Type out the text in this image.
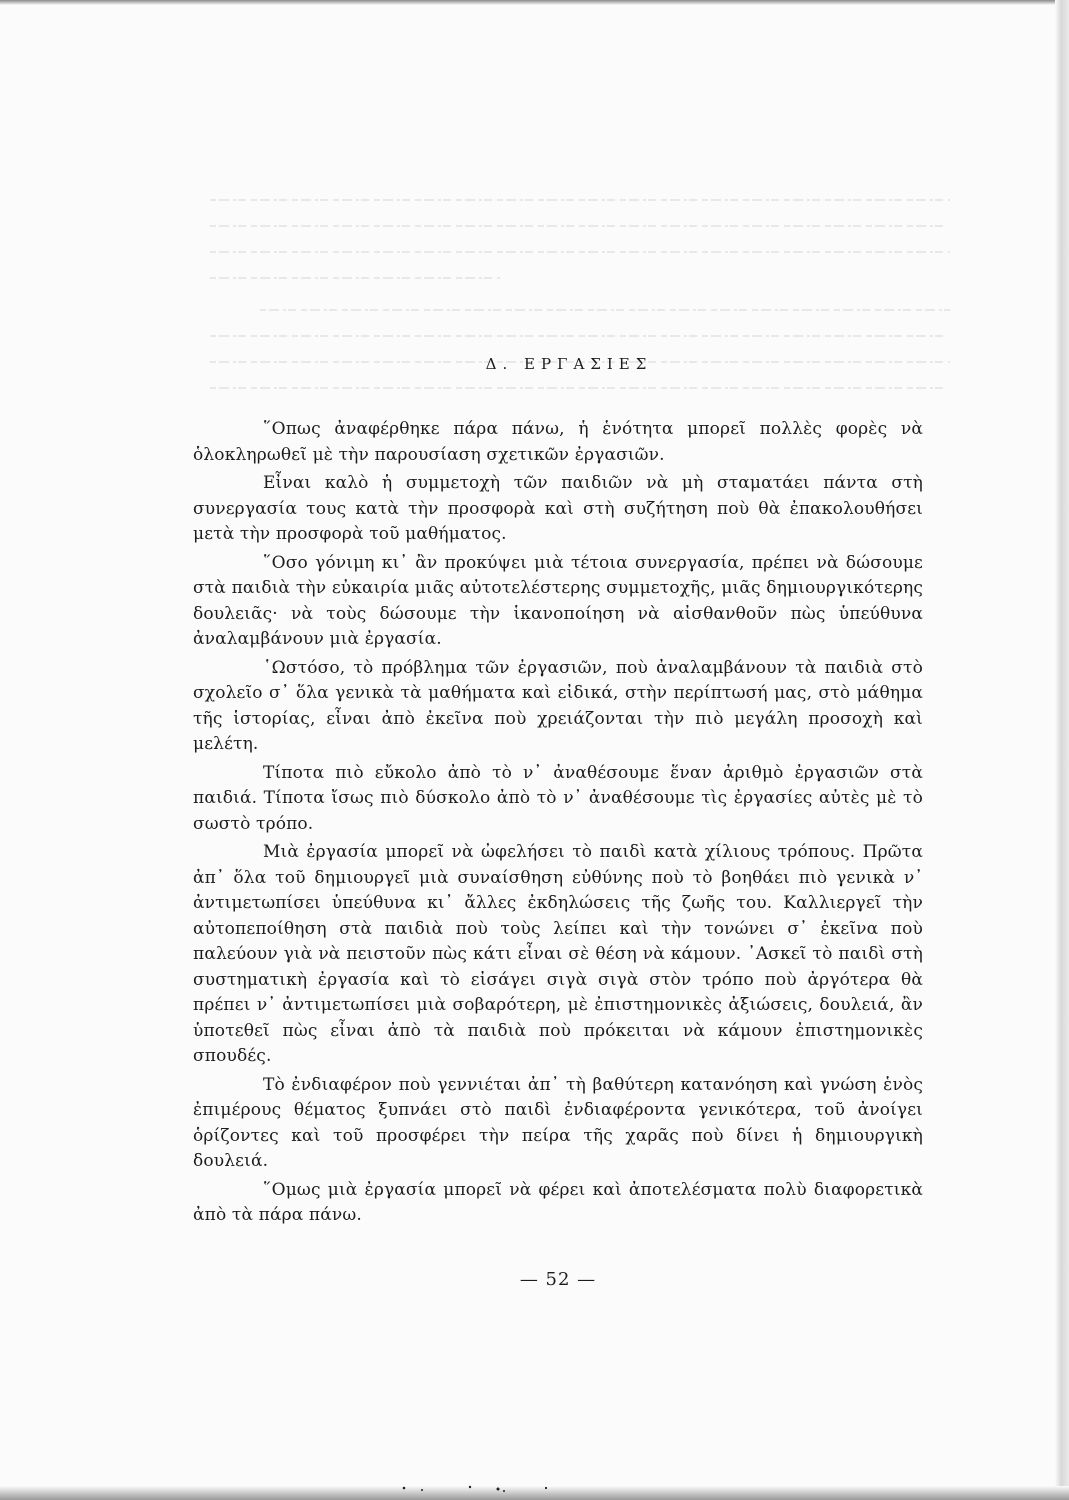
Δ. ΕΡΓΑΣΙΕΣ

῞Οπως ἀναφέρθηκε πάρα πάνω, ἡ ἑνότητα μπορεῖ πολλὲς φορὲς νὰ ὁλοκληρωθεῖ μὲ τὴν παρουσίαση σχετικῶν ἐργασιῶν.

Εἶναι καλὸ ἡ συμμετοχὴ τῶν παιδιῶν νὰ μὴ σταματάει πάντα στὴ συνεργασία τους κατὰ τὴν προσφορὰ καὶ στὴ συζήτηση ποὺ θὰ ἐπακολουθήσει μετὰ τὴν προσφορὰ τοῦ μαθήματος.

῞Οσο γόνιμη κι᾿ ἂν προκύψει μιὰ τέτοια συνεργασία, πρέπει νὰ δώσουμε στὰ παιδιὰ τὴν εὐκαιρία μιᾶς αὐτοτελέστερης συμμετοχῆς, μιᾶς δημιουργικότερης δουλειᾶς· νὰ τοὺς δώσουμε τὴν ἱκανοποίηση νὰ αἰσθανθοῦν πὼς ὑπεύθυνα ἀναλαμβάνουν μιὰ ἐργασία.

῾Ωστόσο, τὸ πρόβλημα τῶν ἐργασιῶν, ποὺ ἀναλαμβάνουν τὰ παιδιὰ στὸ σχολεῖο σ᾿ ὅλα γενικὰ τὰ μαθήματα καὶ εἰδικά, στὴν περίπτωσή μας, στὸ μάθημα τῆς ἱστορίας, εἶναι ἀπὸ ἐκεῖνα ποὺ χρειάζονται τὴν πιὸ μεγάλη προσοχὴ καὶ μελέτη.

Τίποτα πιὸ εὔκολο ἀπὸ τὸ ν᾿ ἀναθέσουμε ἕναν ἀριθμὸ ἐργασιῶν στὰ παιδιά. Τίποτα ἴσως πιὸ δύσκολο ἀπὸ τὸ ν᾿ ἀναθέσουμε τὶς ἐργασίες αὐτὲς μὲ τὸ σωστὸ τρόπο.

Μιὰ ἐργασία μπορεῖ νὰ ὠφελήσει τὸ παιδὶ κατὰ χίλιους τρόπους. Πρῶτα ἀπ᾿ ὅλα τοῦ δημιουργεῖ μιὰ συναίσθηση εὐθύνης ποὺ τὸ βοηθάει πιὸ γενικὰ ν᾿ ἀντιμετωπίσει ὑπεύθυνα κι᾿ ἄλλες ἐκδηλώσεις τῆς ζωῆς του. Καλλιεργεῖ τὴν αὐτοπεποίθηση στὰ παιδιὰ ποὺ τοὺς λείπει καὶ τὴν τονώνει σ᾿ ἐκεῖνα ποὺ παλεύουν γιὰ νὰ πειστοῦν πὼς κάτι εἶναι σὲ θέση νὰ κάμουν. ᾿Ασκεῖ τὸ παιδὶ στὴ συστηματικὴ ἐργασία καὶ τὸ εἰσάγει σιγὰ σιγὰ στὸν τρόπο ποὺ ἀργότερα θὰ πρέπει ν᾿ ἀντιμετωπίσει μιὰ σοβαρότερη, μὲ ἐπιστημονικὲς ἀξιώσεις, δουλειά, ἂν ὑποτεθεῖ πὼς εἶναι ἀπὸ τὰ παιδιὰ ποὺ πρόκειται νὰ κάμουν ἐπιστημονικὲς σπουδές.

Τὸ ἐνδιαφέρον ποὺ γεννιέται ἀπ᾿ τὴ βαθύτερη κατανόηση καὶ γνώση ἑνὸς ἐπιμέρους θέματος ξυπνάει στὸ παιδὶ ἐνδιαφέροντα γενικότερα, τοῦ ἀνοίγει ὁρίζοντες καὶ τοῦ προσφέρει τὴν πείρα τῆς χαρᾶς ποὺ δίνει ἡ δημιουργικὴ δουλειά.

῞Ομως μιὰ ἐργασία μπορεῖ νὰ φέρει καὶ ἀποτελέσματα πολὺ διαφορετικὰ ἀπὸ τὰ πάρα πάνω.

— 52 —
